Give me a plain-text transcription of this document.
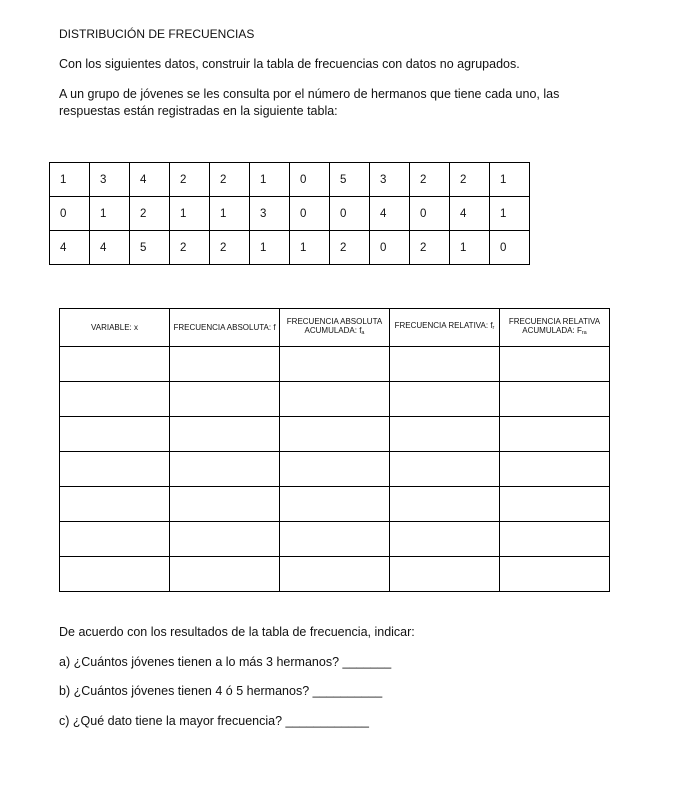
DISTRIBUCIÓN DE FRECUENCIAS
Con los siguientes datos, construir la tabla de frecuencias con datos no agrupados.
A un grupo de jóvenes se les consulta por el número de hermanos que tiene cada uno, las respuestas están registradas en la siguiente tabla:
1	3	4	2	2	1	0	5	3	2	2	1
0	1	2	1	1	3	0	0	4	0	4	1
4	4	5	2	2	1	1	2	0	2	1	0
VARIABLE: x	FRECUENCIA ABSOLUTA: f	FRECUENCIA ABSOLUTA ACUMULADA: $f_a$	FRECUENCIA RELATIVA: $f_r$	FRECUENCIA RELATIVA ACUMULADA: $F_{ra}$

De acuerdo con los resultados de la tabla de frecuencia, indicar:
a) ¿Cuántos jóvenes tienen a lo más 3 hermanos? _______
b) ¿Cuántos jóvenes tienen 4 ó 5 hermanos? __________
c) ¿Qué dato tiene la mayor frecuencia? ____________
